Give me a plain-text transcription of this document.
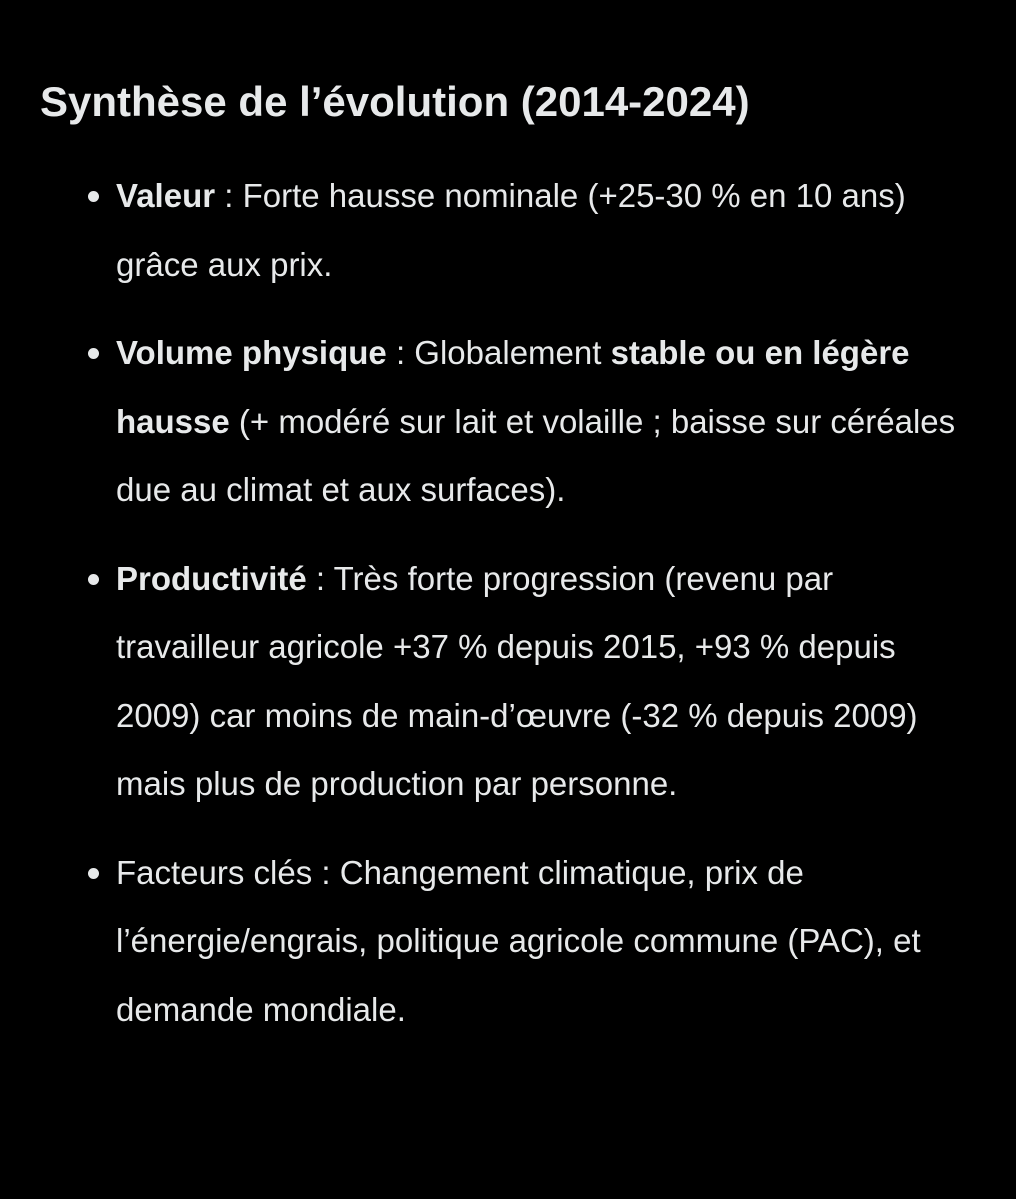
Synthèse de l’évolution (2014-2024)
Valeur : Forte hausse nominale (+25-30 % en 10 ans) grâce aux prix.
Volume physique : Globalement stable ou en légère hausse (+ modéré sur lait et volaille ; baisse sur céréales due au climat et aux surfaces).
Productivité : Très forte progression (revenu par travailleur agricole +37 % depuis 2015, +93 % depuis 2009) car moins de main-d’œuvre (-32 % depuis 2009) mais plus de production par personne.
Facteurs clés : Changement climatique, prix de l’énergie/engrais, politique agricole commune (PAC), et demande mondiale.
